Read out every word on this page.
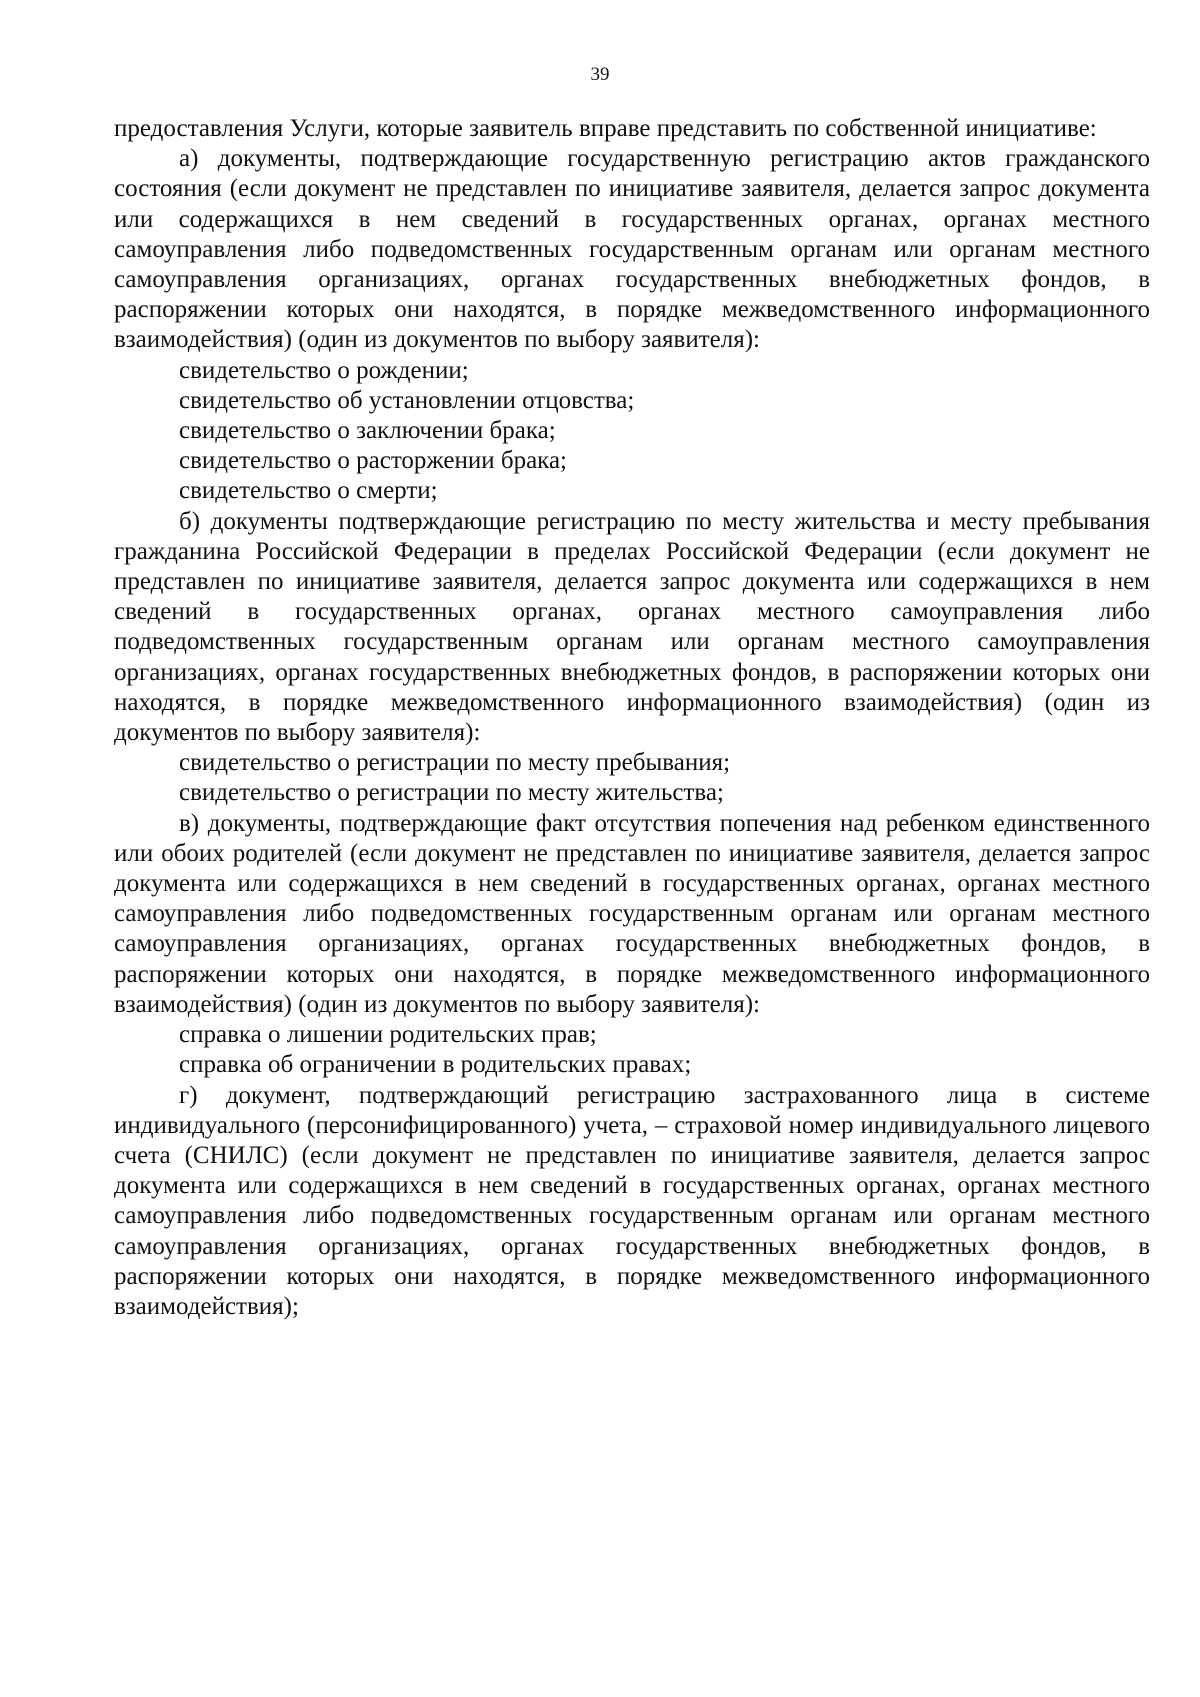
39

предоставления Услуги, которые заявитель вправе представить по собственной инициативе:

а) документы, подтверждающие государственную регистрацию актов гражданского состояния (если документ не представлен по инициативе заявителя, делается запрос документа или содержащихся в нем сведений в государственных органах, органах местного самоуправления либо подведомственных государственным органам или органам местного самоуправления организациях, органах государственных внебюджетных фондов, в распоряжении которых они находятся, в порядке межведомственного информационного взаимодействия) (один из документов по выбору заявителя):

свидетельство о рождении;

свидетельство об установлении отцовства;

свидетельство о заключении брака;

свидетельство о расторжении брака;

свидетельство о смерти;

б) документы подтверждающие регистрацию по месту жительства и месту пребывания гражданина Российской Федерации в пределах Российской Федерации (если документ не представлен по инициативе заявителя, делается запрос документа или содержащихся в нем сведений в государственных органах, органах местного самоуправления либо подведомственных государственным органам или органам местного самоуправления организациях, органах государственных внебюджетных фондов, в распоряжении которых они находятся, в порядке межведомственного информационного взаимодействия) (один из документов по выбору заявителя):

свидетельство о регистрации по месту пребывания;

свидетельство о регистрации по месту жительства;

в) документы, подтверждающие факт отсутствия попечения над ребенком единственного или обоих родителей (если документ не представлен по инициативе заявителя, делается запрос документа или содержащихся в нем сведений в государственных органах, органах местного самоуправления либо подведомственных государственным органам или органам местного самоуправления организациях, органах государственных внебюджетных фондов, в распоряжении которых они находятся, в порядке межведомственного информационного взаимодействия) (один из документов по выбору заявителя):

справка о лишении родительских прав;

справка об ограничении в родительских правах;

г) документ, подтверждающий регистрацию застрахованного лица в системе индивидуального (персонифицированного) учета, – страховой номер индивидуального лицевого счета (СНИЛС) (если документ не представлен по инициативе заявителя, делается запрос документа или содержащихся в нем сведений в государственных органах, органах местного самоуправления либо подведомственных государственным органам или органам местного самоуправления организациях, органах государственных внебюджетных фондов, в распоряжении которых они находятся, в порядке межведомственного информационного взаимодействия);
